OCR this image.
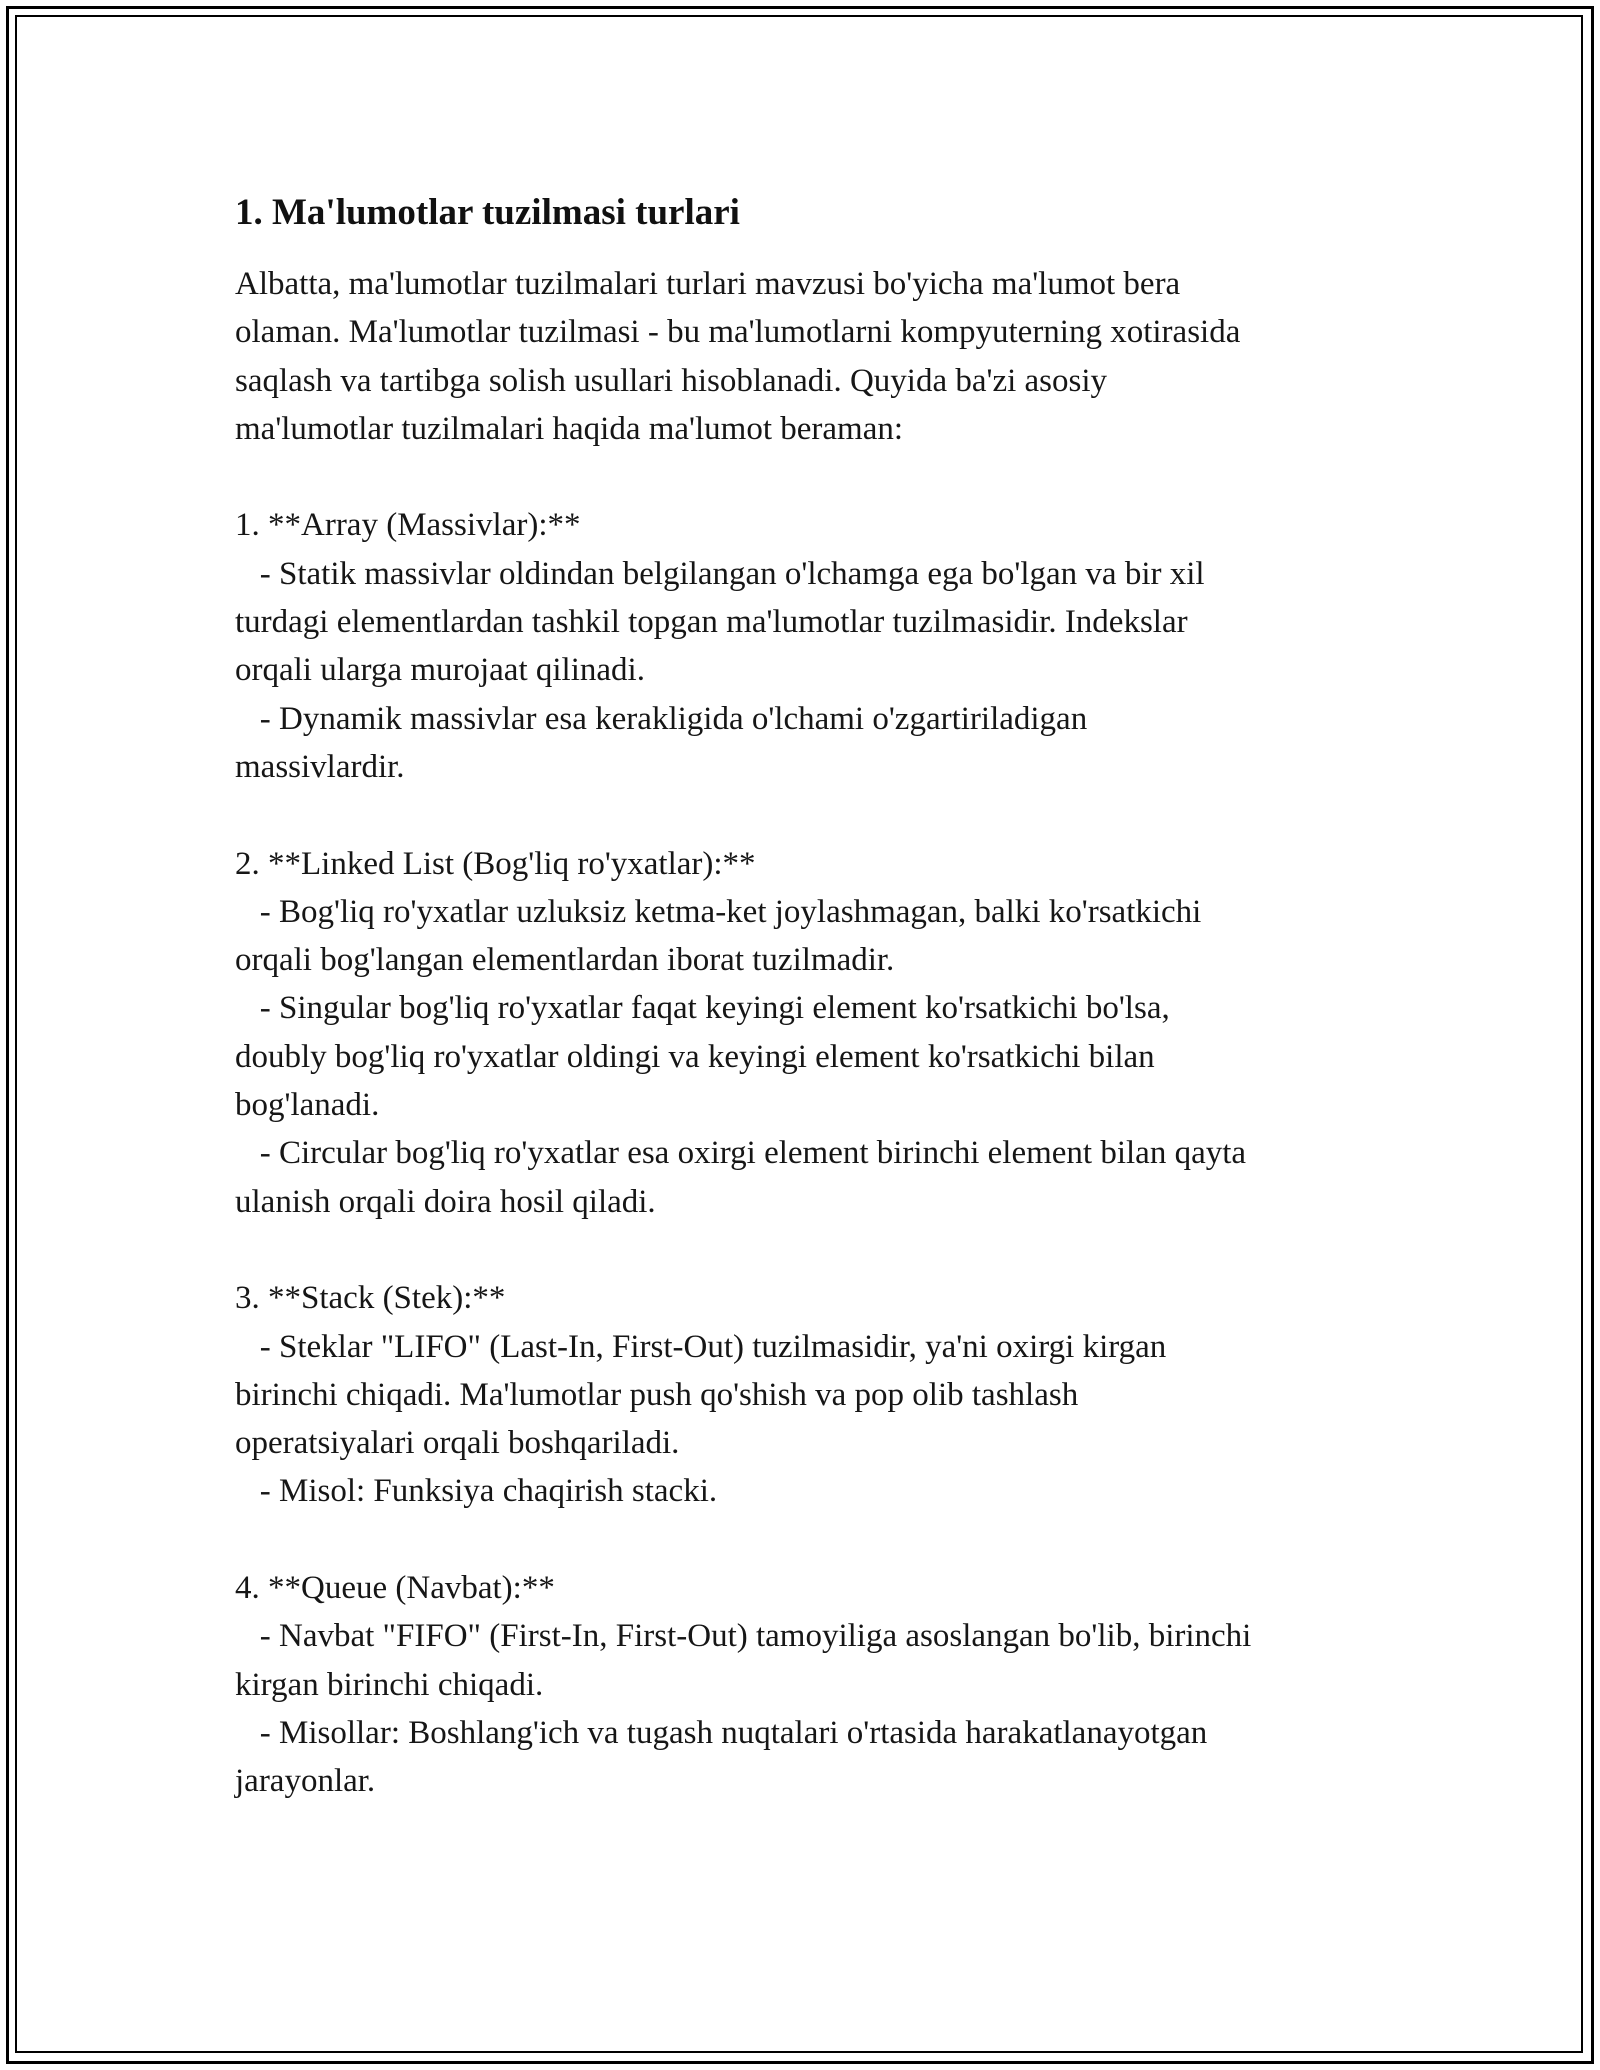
1. Ma'lumotlar tuzilmasi turlari
Albatta, ma'lumotlar tuzilmalari turlari mavzusi bo'yicha ma'lumot bera
olaman. Ma'lumotlar tuzilmasi - bu ma'lumotlarni kompyuterning xotirasida
saqlash va tartibga solish usullari hisoblanadi. Quyida ba'zi asosiy
ma'lumotlar tuzilmalari haqida ma'lumot beraman:
1. **Array (Massivlar):**
- Statik massivlar oldindan belgilangan o'lchamga ega bo'lgan va bir xil
turdagi elementlardan tashkil topgan ma'lumotlar tuzilmasidir. Indekslar
orqali ularga murojaat qilinadi.
- Dynamik massivlar esa kerakligida o'lchami o'zgartiriladigan
massivlardir.
2. **Linked List (Bog'liq ro'yxatlar):**
- Bog'liq ro'yxatlar uzluksiz ketma-ket joylashmagan, balki ko'rsatkichi
orqali bog'langan elementlardan iborat tuzilmadir.
- Singular bog'liq ro'yxatlar faqat keyingi element ko'rsatkichi bo'lsa,
doubly bog'liq ro'yxatlar oldingi va keyingi element ko'rsatkichi bilan
bog'lanadi.
- Circular bog'liq ro'yxatlar esa oxirgi element birinchi element bilan qayta
ulanish orqali doira hosil qiladi.
3. **Stack (Stek):**
- Steklar "LIFO" (Last-In, First-Out) tuzilmasidir, ya'ni oxirgi kirgan
birinchi chiqadi. Ma'lumotlar push qo'shish va pop olib tashlash
operatsiyalari orqali boshqariladi.
- Misol: Funksiya chaqirish stacki.
4. **Queue (Navbat):**
- Navbat "FIFO" (First-In, First-Out) tamoyiliga asoslangan bo'lib, birinchi
kirgan birinchi chiqadi.
- Misollar: Boshlang'ich va tugash nuqtalari o'rtasida harakatlanayotgan
jarayonlar.
